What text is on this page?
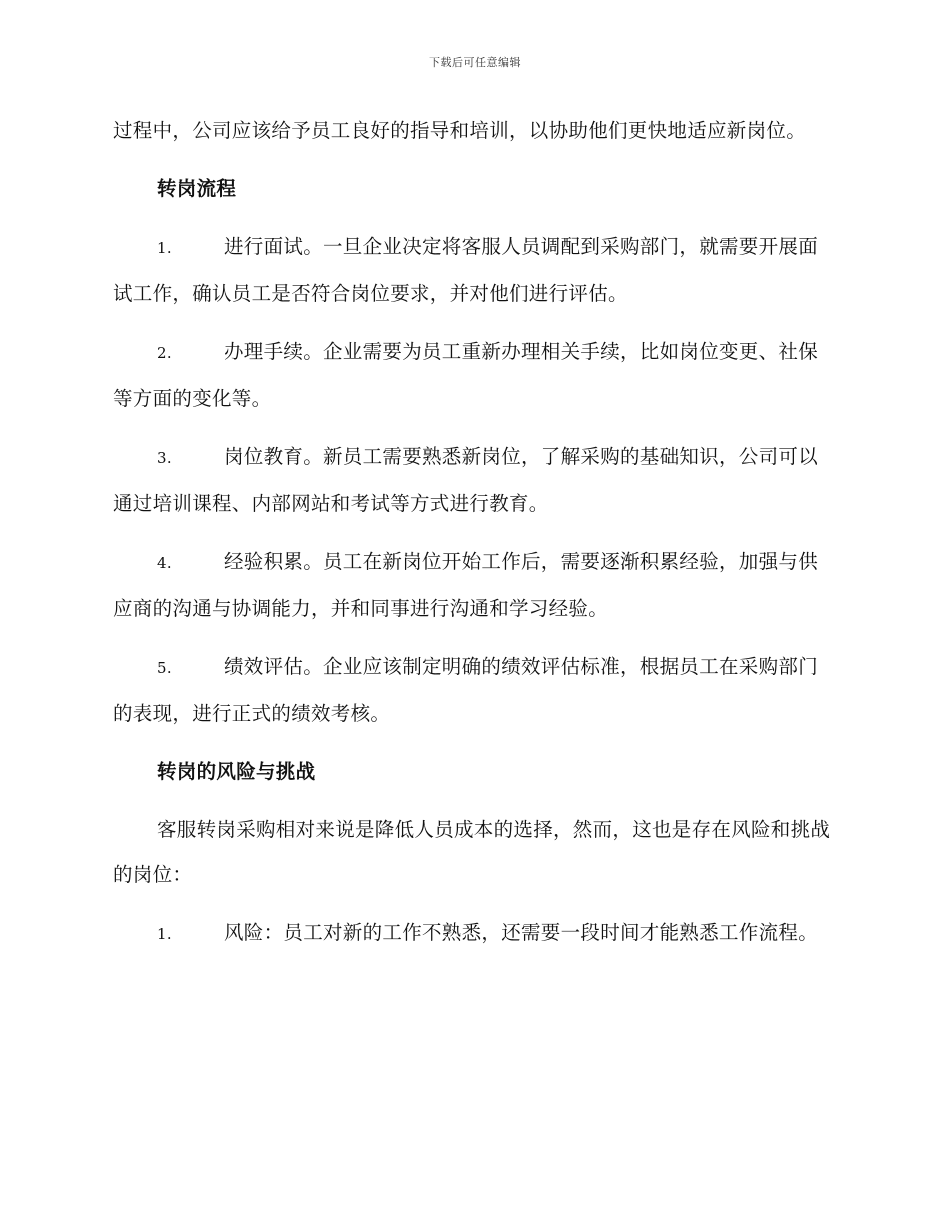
下载后可任意编辑

过程中，公司应该给予员工良好的指导和培训，以协助他们更快地适应新岗位。

转岗流程
1.	进行面试。一旦企业决定将客服人员调配到采购部门，就需要开展面试工作，确认员工是否符合岗位要求，并对他们进行评估。
2.	办理手续。企业需要为员工重新办理相关手续，比如岗位变更、社保等方面的变化等。
3.	岗位教育。新员工需要熟悉新岗位，了解采购的基础知识，公司可以通过培训课程、内部网站和考试等方式进行教育。
4.	经验积累。员工在新岗位开始工作后，需要逐渐积累经验，加强与供应商的沟通与协调能力，并和同事进行沟通和学习经验。
5.	绩效评估。企业应该制定明确的绩效评估标准，根据员工在采购部门的表现，进行正式的绩效考核。
转岗的风险与挑战

客服转岗采购相对来说是降低人员成本的选择，然而，这也是存在风险和挑战的岗位：

1.	风险：员工对新的工作不熟悉，还需要一段时间才能熟悉工作流程。
